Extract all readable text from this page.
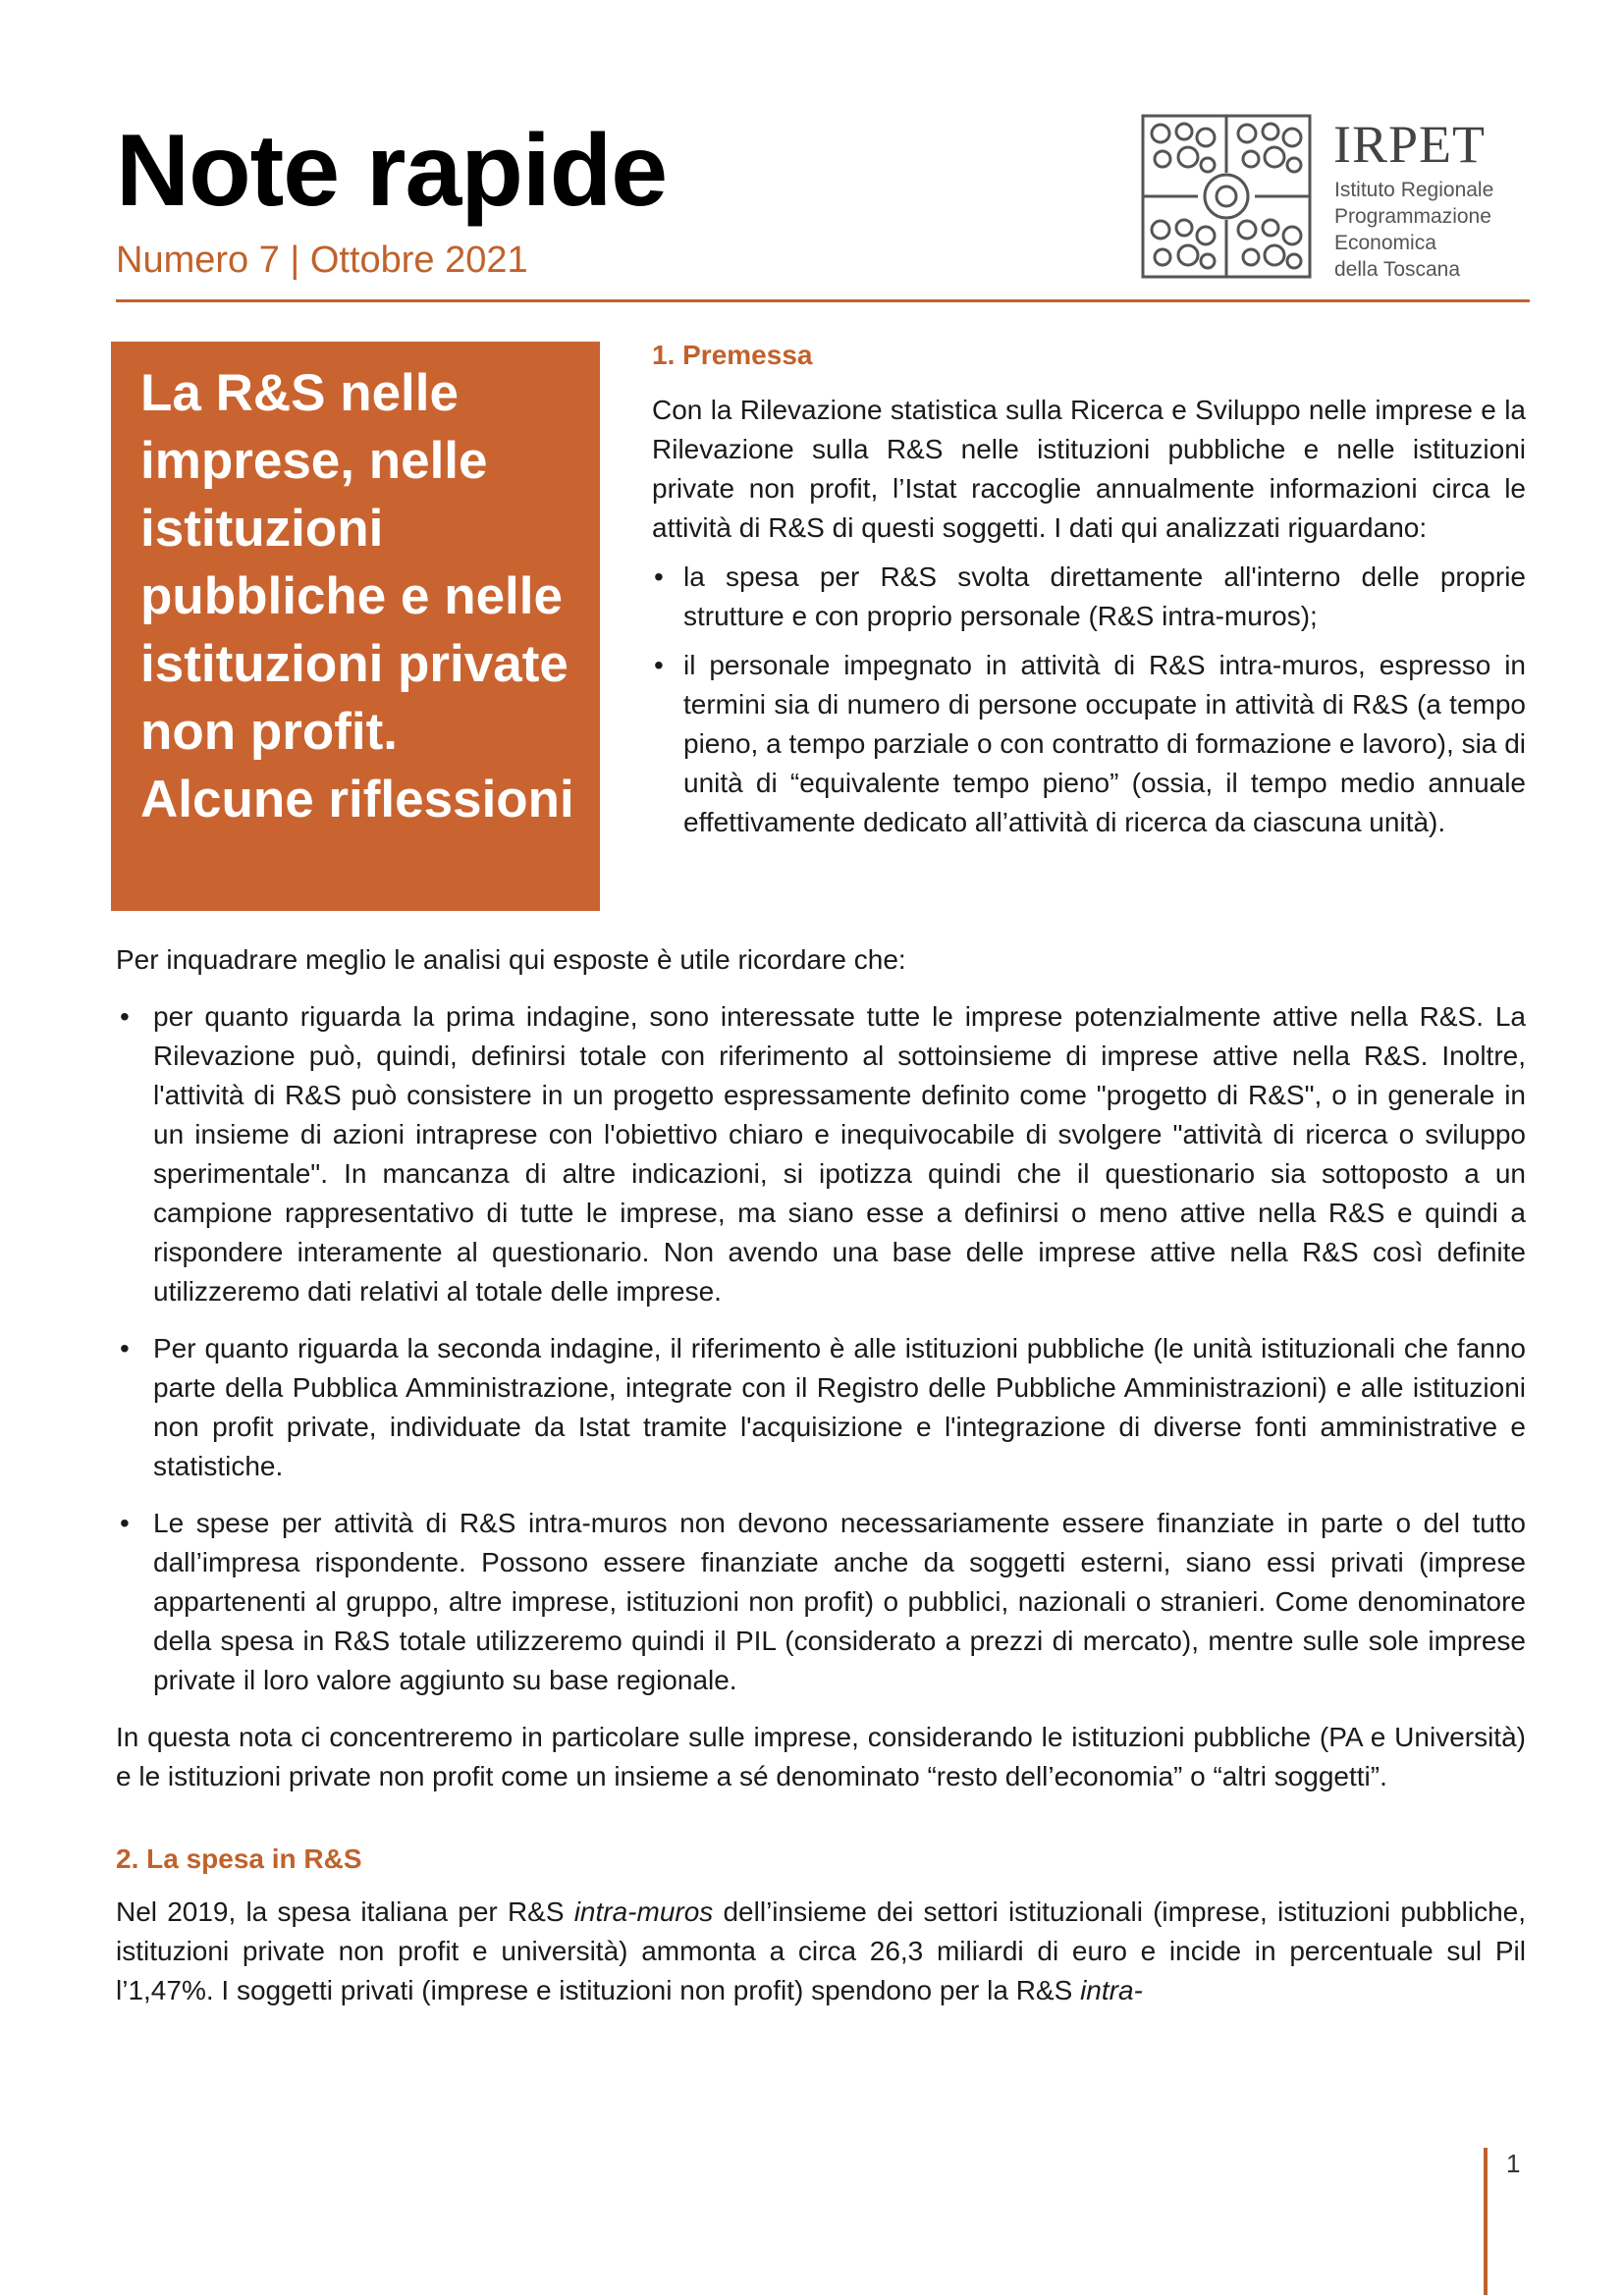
Note rapide
Numero 7 | Ottobre 2021
IRPET
Istituto Regionale
Programmazione
Economica
della Toscana
La R&S nelle imprese, nelle istituzioni pubbliche e nelle istituzioni private non profit. Alcune riflessioni
1. Premessa

Con la Rilevazione statistica sulla Ricerca e Sviluppo nelle imprese e la Rilevazione sulla R&S nelle istituzioni pubbliche e nelle istituzioni private non profit, l’Istat raccoglie annualmente informazioni circa le attività di R&S di questi soggetti. I dati qui analizzati riguardano:

• la spesa per R&S svolta direttamente all'interno delle proprie strutture e con proprio personale (R&S intra-muros);
• il personale impegnato in attività di R&S intra-muros, espresso in termini sia di numero di persone occupate in attività di R&S (a tempo pieno, a tempo parziale o con contratto di formazione e lavoro), sia di unità di “equivalente tempo pieno” (ossia, il tempo medio annuale effettivamente dedicato all’attività di ricerca da ciascuna unità).

Per inquadrare meglio le analisi qui esposte è utile ricordare che:

• per quanto riguarda la prima indagine, sono interessate tutte le imprese potenzialmente attive nella R&S. La Rilevazione può, quindi, definirsi totale con riferimento al sottoinsieme di imprese attive nella R&S. Inoltre, l'attività di R&S può consistere in un progetto espressamente definito come "progetto di R&S", o in generale in un insieme di azioni intraprese con l'obiettivo chiaro e inequivocabile di svolgere "attività di ricerca o sviluppo sperimentale". In mancanza di altre indicazioni, si ipotizza quindi che il questionario sia sottoposto a un campione rappresentativo di tutte le imprese, ma siano esse a definirsi o meno attive nella R&S e quindi a rispondere interamente al questionario. Non avendo una base delle imprese attive nella R&S così definite utilizzeremo dati relativi al totale delle imprese.
• Per quanto riguarda la seconda indagine, il riferimento è alle istituzioni pubbliche (le unità istituzionali che fanno parte della Pubblica Amministrazione, integrate con il Registro delle Pubbliche Amministrazioni) e alle istituzioni non profit private, individuate da Istat tramite l'acquisizione e l'integrazione di diverse fonti amministrative e statistiche.
• Le spese per attività di R&S intra-muros non devono necessariamente essere finanziate in parte o del tutto dall’impresa rispondente. Possono essere finanziate anche da soggetti esterni, siano essi privati (imprese appartenenti al gruppo, altre imprese, istituzioni non profit) o pubblici, nazionali o stranieri. Come denominatore della spesa in R&S totale utilizzeremo quindi il PIL (considerato a prezzi di mercato), mentre sulle sole imprese private il loro valore aggiunto su base regionale.

In questa nota ci concentreremo in particolare sulle imprese, considerando le istituzioni pubbliche (PA e Università) e le istituzioni private non profit come un insieme a sé denominato “resto dell’economia” o “altri soggetti”.

2. La spesa in R&S

Nel 2019, la spesa italiana per R&S intra-muros dell’insieme dei settori istituzionali (imprese, istituzioni pubbliche, istituzioni private non profit e università) ammonta a circa 26,3 miliardi di euro e incide in percentuale sul Pil l’1,47%. I soggetti privati (imprese e istituzioni non profit) spendono per la R&S intra-

1
